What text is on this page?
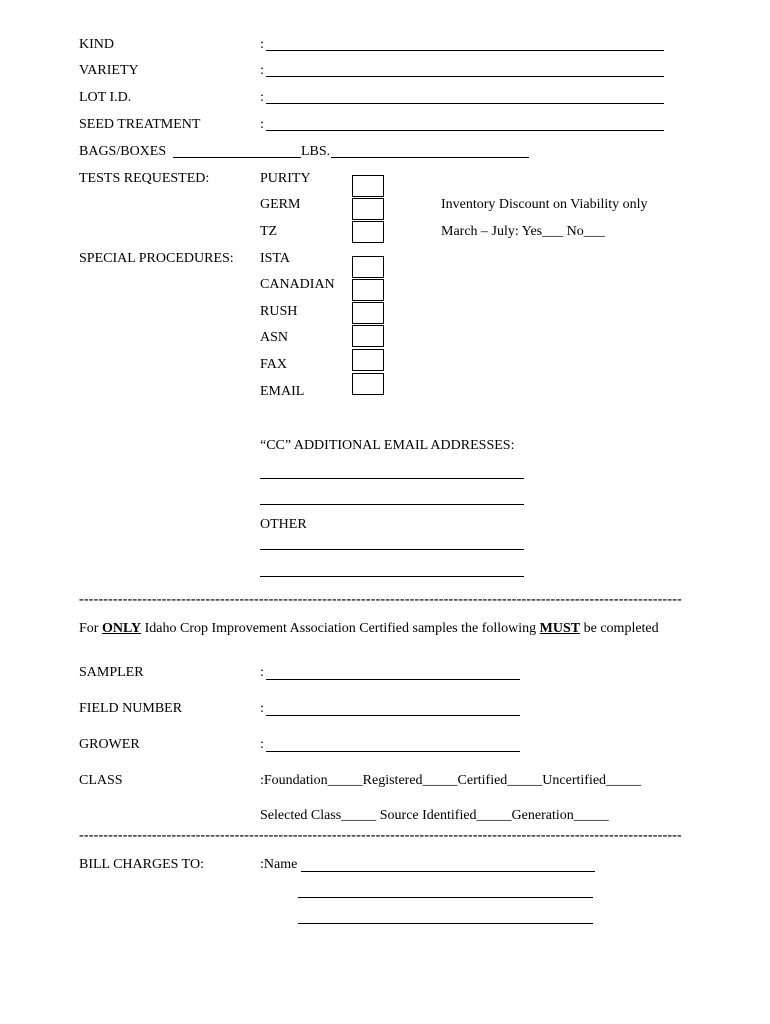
KIND	:
VARIETY	:
LOT I.D.	:
SEED TREATMENT	:
BAGS/BOXES	LBS.
TESTS REQUESTED:	PURITY
GERM
TZ
Inventory Discount on Viability only
March – July: Yes___ No___
SPECIAL PROCEDURES: ISTA
CANADIAN
RUSH
ASN
FAX
EMAIL
“CC” ADDITIONAL EMAIL ADDRESSES:
OTHER
----------------------------------------------------------------------------------------------------------------------------
For ONLY Idaho Crop Improvement Association Certified samples the following MUST be completed
SAMPLER	:
FIELD NUMBER	:
GROWER	:
CLASS	:Foundation_____Registered_____Certified_____Uncertified_____
Selected Class_____ Source Identified_____Generation_____
----------------------------------------------------------------------------------------------------------------------------
BILL CHARGES TO:	:Name
